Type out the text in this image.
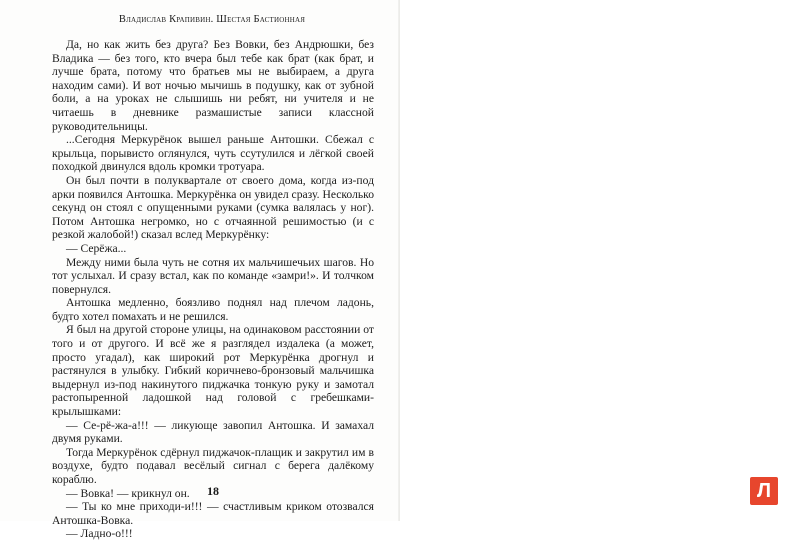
Владислав Крапивин. Шестая Бастионная

Да, но как жить без друга? Без Вовки, без Андрюшки, без Владика — без того, кто вчера был тебе как брат (как брат, и лучше брата, потому что братьев мы не выбираем, а друга находим сами). И вот ночью мычишь в подушку, как от зубной боли, а на уроках не слышишь ни ребят, ни учителя и не читаешь в дневнике размашистые записи классной руководительницы.

...Сегодня Меркурёнок вышел раньше Антошки. Сбежал с крыльца, порывисто оглянулся, чуть ссутулился и лёгкой своей походкой двинулся вдоль кромки тротуара.

Он был почти в полуквартале от своего дома, когда из-под арки появился Антошка. Меркурёнка он увидел сразу. Несколько секунд он стоял с опущенными руками (сумка валялась у ног). Потом Антошка негромко, но с отчаянной решимостью (и с резкой жалобой!) сказал вслед Меркурёнку:

— Серёжа...

Между ними была чуть не сотня их мальчишечьих шагов. Но тот услыхал. И сразу встал, как по команде «замри!». И толчком повернулся.

Антошка медленно, боязливо поднял над плечом ладонь, будто хотел помахать и не решился.

Я был на другой стороне улицы, на одинаковом расстоянии от того и от другого. И всё же я разглядел издалека (а может, просто угадал), как широкий рот Меркурёнка дрогнул и растянулся в улыбку. Гибкий коричнево-бронзовый мальчишка выдернул из-под накинутого пиджачка тонкую руку и замотал растопыренной ладошкой над головой с гребешками-крылышками:

— Се-рё-жа-а!!! — ликующе завопил Антошка. И замахал двумя руками.

Тогда Меркурёнок сдёрнул пиджачок-плащик и закрутил им в воздухе, будто подавал весёлый сигнал с берега далёкому кораблю.

— Вовка! — крикнул он.

— Ты ко мне приходи-и!!! — счастливым криком отозвался Антошка-Вовка.

— Ладно-о!!!

18	Л
